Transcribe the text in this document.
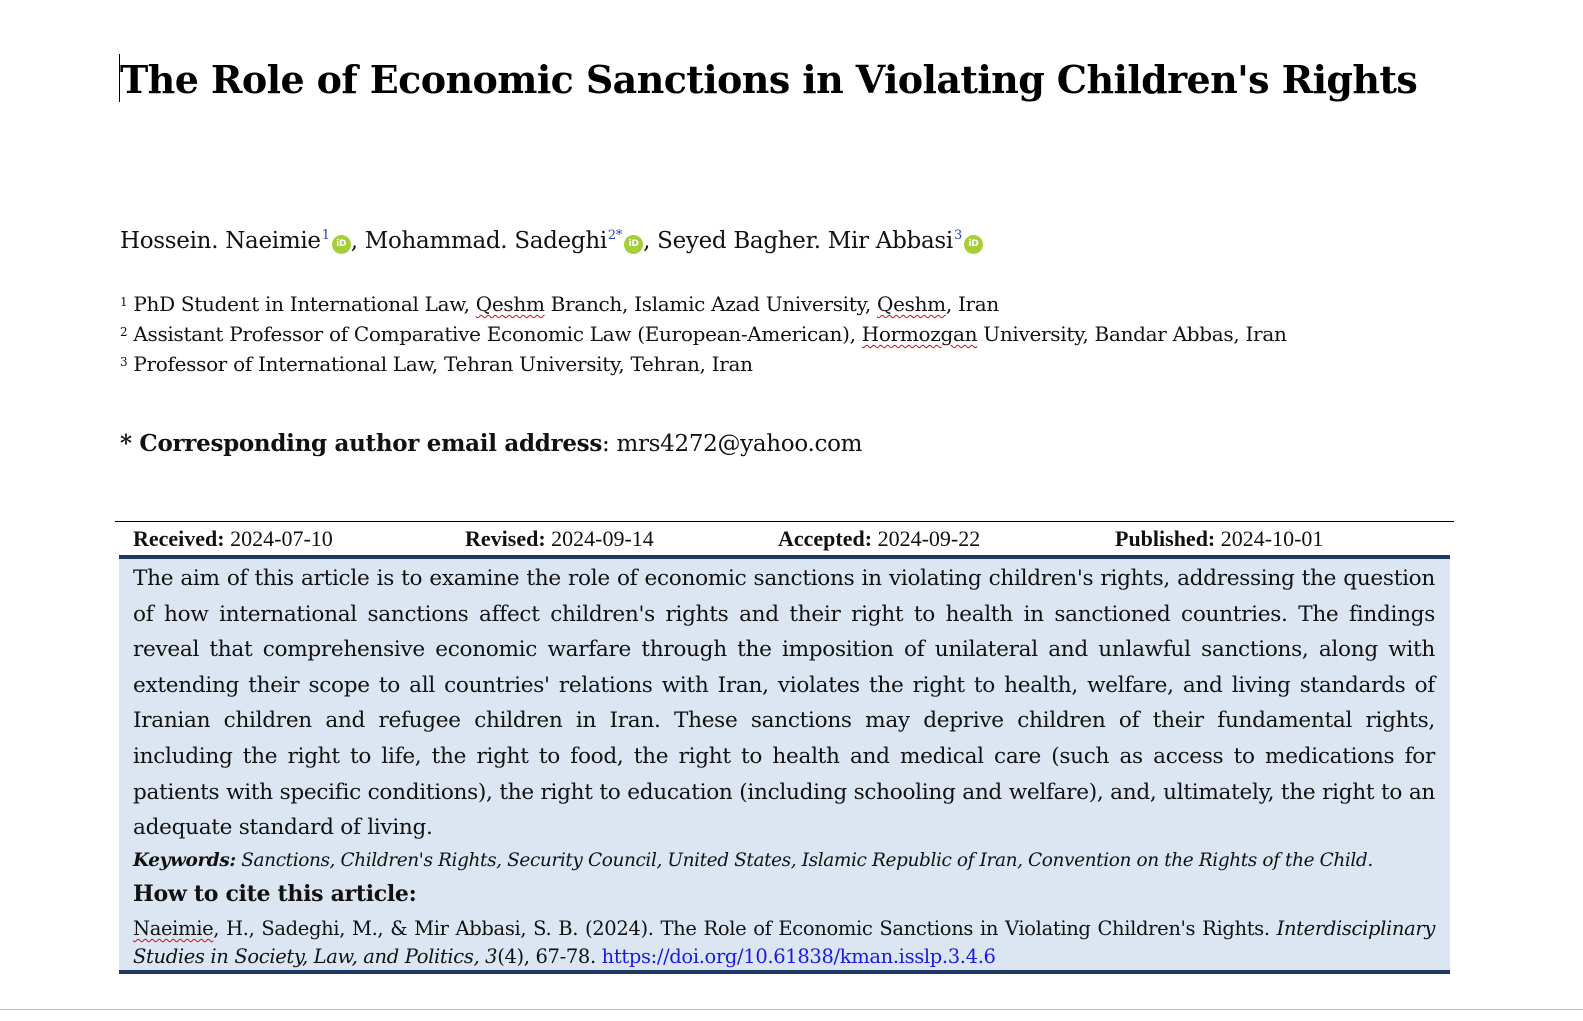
The Role of Economic Sanctions in Violating Children's Rights
Hossein. Naeimie$^1$iD , Mohammad. Sadeghi$^{2*}$iD , Seyed Bagher. Mir Abbasi$^3$iD
$^1$ PhD Student in International Law, Qeshm Branch, Islamic Azad University, Qeshm, Iran
$^2$ Assistant Professor of Comparative Economic Law (European-American), Hormozgan University, Bandar Abbas, Iran
$^3$ Professor of International Law, Tehran University, Tehran, Iran
* Corresponding author email address: mrs4272@yahoo.com
Received: 2024-07-10	Revised: 2024-09-14	Accepted: 2024-09-22	Published: 2024-10-01

The aim of this article is to examine the role of economic sanctions in violating children's rights, addressing the question of how international sanctions affect children's rights and their right to health in sanctioned countries. The findings reveal that comprehensive economic warfare through the imposition of unilateral and unlawful sanctions, along with extending their scope to all countries' relations with Iran, violates the right to health, welfare, and living standards of Iranian children and refugee children in Iran. These sanctions may deprive children of their fundamental rights, including the right to life, the right to food, the right to health and medical care (such as access to medications for patients with specific conditions), the right to education (including schooling and welfare), and, ultimately, the right to an adequate standard of living.

Keywords: Sanctions, Children's Rights, Security Council, United States, Islamic Republic of Iran, Convention on the Rights of the Child.
How to cite this article:
Naeimie, H., Sadeghi, M., & Mir Abbasi, S. B. (2024). The Role of Economic Sanctions in Violating Children's Rights. Interdisciplinary Studies in Society, Law, and Politics, 3(4), 67-78. https://doi.org/10.61838/kman.isslp.3.4.6
